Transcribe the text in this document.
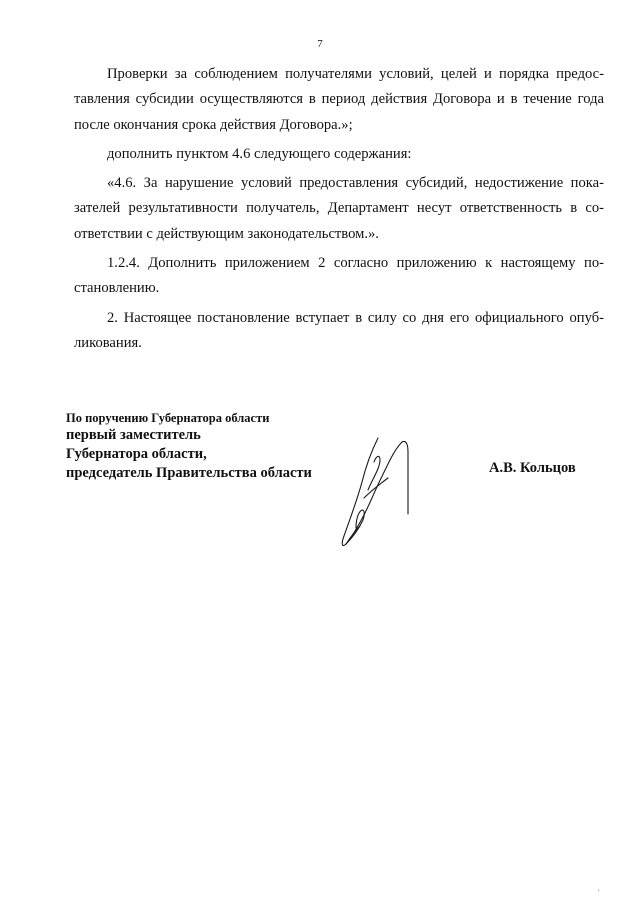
7
Проверки за соблюдением получателями условий, целей и порядка предос-
тавления субсидии осуществляются в период действия Договора и в течение года
после окончания срока действия Договора.»;
дополнить пунктом 4.6 следующего содержания:
«4.6. За нарушение условий предоставления субсидий, недостижение пока-
зателей результативности получатель, Департамент несут ответственность в со-
ответствии с действующим законодательством.».
1.2.4. Дополнить приложением 2 согласно приложению к настоящему по-
становлению.
2. Настоящее постановление вступает в силу со дня его официального опуб-
ликования.
По поручению Губернатора области
первый заместитель
Губернатора области,
председатель Правительства области	А.В. Кольцов
'
